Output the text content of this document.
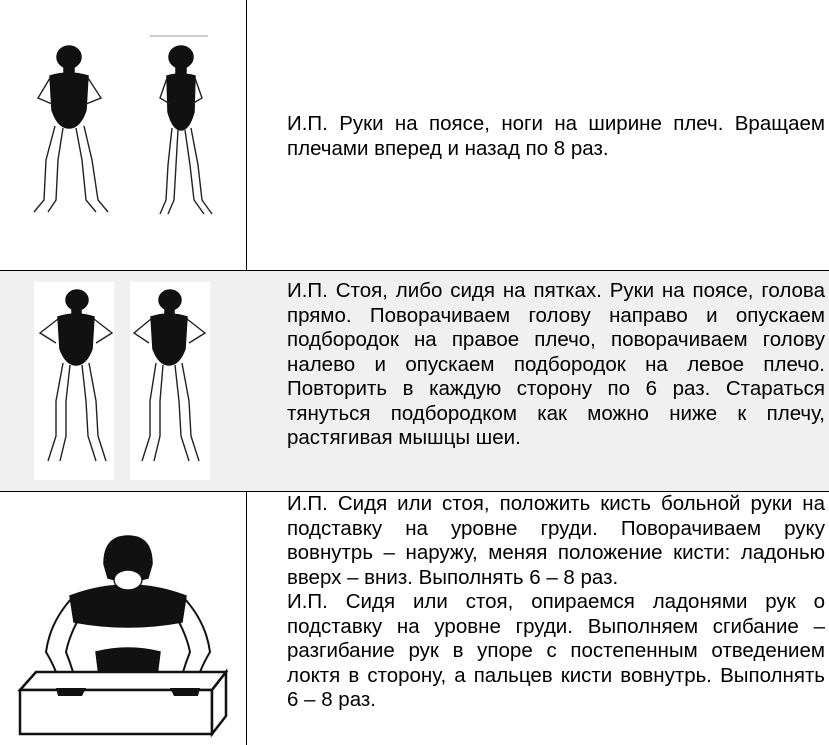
И.П. Руки на поясе, ноги на ширине плеч. Вращаем плечами вперед и назад по 8 раз.
И.П. Стоя, либо сидя на пятках. Руки на поясе, голова прямо. Поворачиваем голову направо и опускаем подбородок на правое плечо, поворачиваем голову налево и опускаем подбородок на левое плечо. Повторить в каждую сторону по 6 раз. Стараться тянуться подбородком как можно ниже к плечу, растягивая мышцы шеи.

И.П. Сидя или стоя, положить кисть больной руки на подставку на уровне груди. Поворачиваем руку вовнутрь – наружу, меняя положение кисти: ладонью вверх – вниз. Выполнять 6 – 8 раз.

И.П. Сидя или стоя, опираемся ладонями рук о подставку на уровне груди. Выполняем сгибание – разгибание рук в упоре с постепенным отведением локтя в сторону, а пальцев кисти вовнутрь. Выполнять 6 – 8 раз.
